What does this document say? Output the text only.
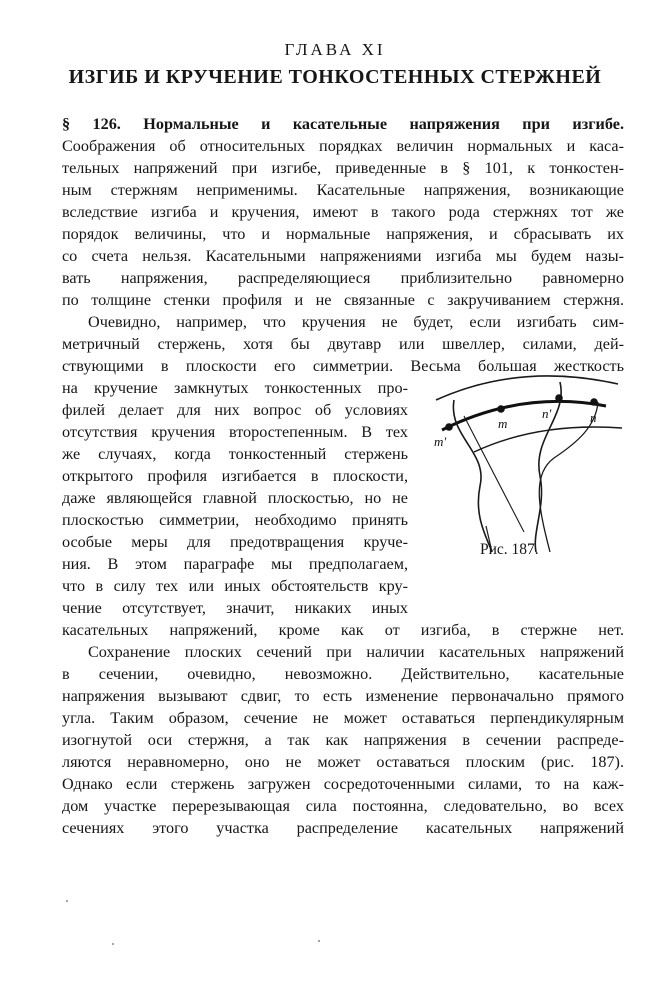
ГЛАВА XI
ИЗГИБ И КРУЧЕНИЕ ТОНКОСТЕННЫХ СТЕРЖНЕЙ
§ 126. Нормальные и касательные напряжения при изгибе.
Соображения об относительных порядках величин нормальных и каса-
тельных напряжений при изгибе, приведенные в § 101, к тонкостен-
ным стержням неприменимы. Касательные напряжения, возникающие
вследствие изгиба и кручения, имеют в такого рода стержнях тот же
порядок величины, что и нормальные напряжения, и сбрасывать их
со счета нельзя. Касательными напряжениями изгиба мы будем назы-
вать напряжения, распределяющиеся приблизительно равномерно
по толщине стенки профиля и не связанные с закручиванием стержня.
Очевидно, например, что кручения не будет, если изгибать сим-
метричный стержень, хотя бы двутавр или швеллер, силами, дей-
ствующими в плоскости его симметрии. Весьма большая жесткость
на кручение замкнутых тонкостенных про-
филей делает для них вопрос об условиях
отсутствия кручения второстепенным. В тех
же случаях, когда тонкостенный стержень
открытого профиля изгибается в плоскости,
даже являющейся главной плоскостью, но не
плоскостью симметрии, необходимо принять
особые меры для предотвращения круче-
ния. В этом параграфе мы предполагаем,
что в силу тех или иных обстоятельств кру-
чение отсутствует, значит, никаких иных
касательных напряжений, кроме как от изгиба, в стержне нет.
Сохранение плоских сечений при наличии касательных напряжений
в сечении, очевидно, невозможно. Действительно, касательные
напряжения вызывают сдвиг, то есть изменение первоначально прямого
угла. Таким образом, сечение не может оставаться перпендикулярным
изогнутой оси стержня, а так как напряжения в сечении распреде-
ляются неравномерно, оно не может оставаться плоским (рис. 187).
Однако если стержень загружен сосредоточенными силами, то на каж-
дом участке перерезывающая сила постоянна, следовательно, во всех
сечениях этого участка распределение касательных напряжений
m'
m
n'	n
Рис. 187.
